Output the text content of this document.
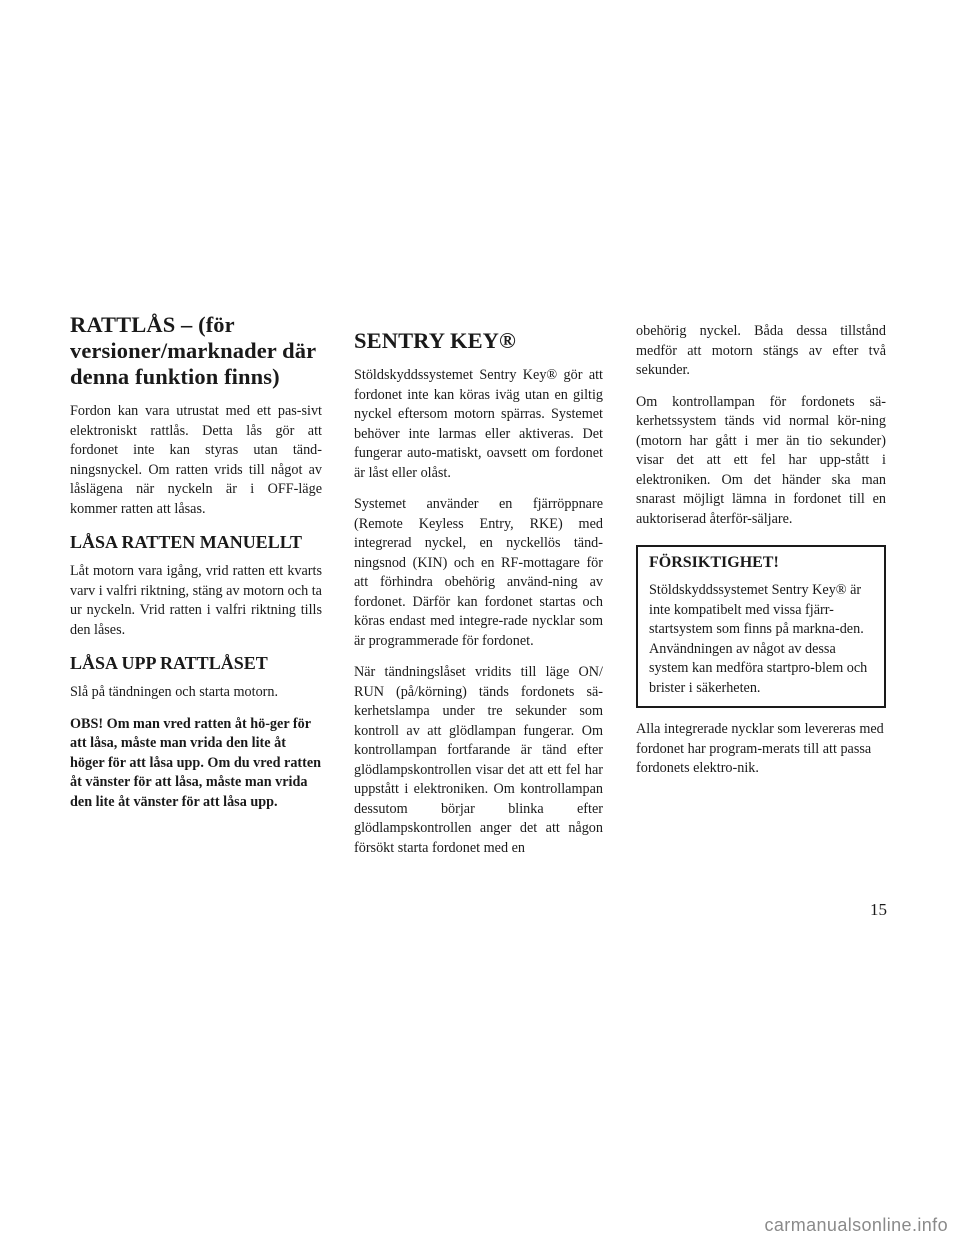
RATTLÅS – (för versioner/marknader där denna funktion finns)

Fordon kan vara utrustat med ett pas-sivt elektroniskt rattlås. Detta lås gör att fordonet inte kan styras utan tänd-ningsnyckel. Om ratten vrids till något av låslägena när nyckeln är i OFF-läge kommer ratten att låsas.

LÅSA RATTEN MANUELLT

Låt motorn vara igång, vrid ratten ett kvarts varv i valfri riktning, stäng av motorn och ta ur nyckeln. Vrid ratten i valfri riktning tills den låses.

LÅSA UPP RATTLÅSET

Slå på tändningen och starta motorn.

OBS! Om man vred ratten åt hö-ger för att låsa, måste man vrida den lite åt höger för att låsa upp. Om du vred ratten åt vänster för att låsa, måste man vrida den lite åt vänster för att låsa upp.

SENTRY KEY®

Stöldskyddssystemet Sentry Key® gör att fordonet inte kan köras iväg utan en giltig nyckel eftersom motorn spärras. Systemet behöver inte larmas eller aktiveras. Det fungerar auto-matiskt, oavsett om fordonet är låst eller olåst.

Systemet använder en fjärröppnare (Remote Keyless Entry, RKE) med integrerad nyckel, en nyckellös tänd-ningsnod (KIN) och en RF-mottagare för att förhindra obehörig använd-ning av fordonet. Därför kan fordonet startas och köras endast med integre-rade nycklar som är programmerade för fordonet.

När tändningslåset vridits till läge ON/ RUN (på/körning) tänds fordonets sä-kerhetslampa under tre sekunder som kontroll av att glödlampan fungerar. Om kontrollampan fortfarande är tänd efter glödlampskontrollen visar det att ett fel har uppstått i elektroniken. Om kontrollampan dessutom börjar blinka efter glödlampskontrollen anger det att någon försökt starta fordonet med en

obehörig nyckel. Båda dessa tillstånd medför att motorn stängs av efter två sekunder.

Om kontrollampan för fordonets sä-kerhetssystem tänds vid normal kör-ning (motorn har gått i mer än tio sekunder) visar det att ett fel har upp-stått i elektroniken. Om det händer ska man snarast möjligt lämna in fordonet till en auktoriserad återför-säljare.

FÖRSIKTIGHET!

Stöldskyddssystemet Sentry Key® är inte kompatibelt med vissa fjärr-startsystem som finns på markna-den. Användningen av något av dessa system kan medföra startpro-blem och brister i säkerheten.

Alla integrerade nycklar som levereras med fordonet har program-merats till att passa fordonets elektro-nik.

15
carmanualsonline.info
